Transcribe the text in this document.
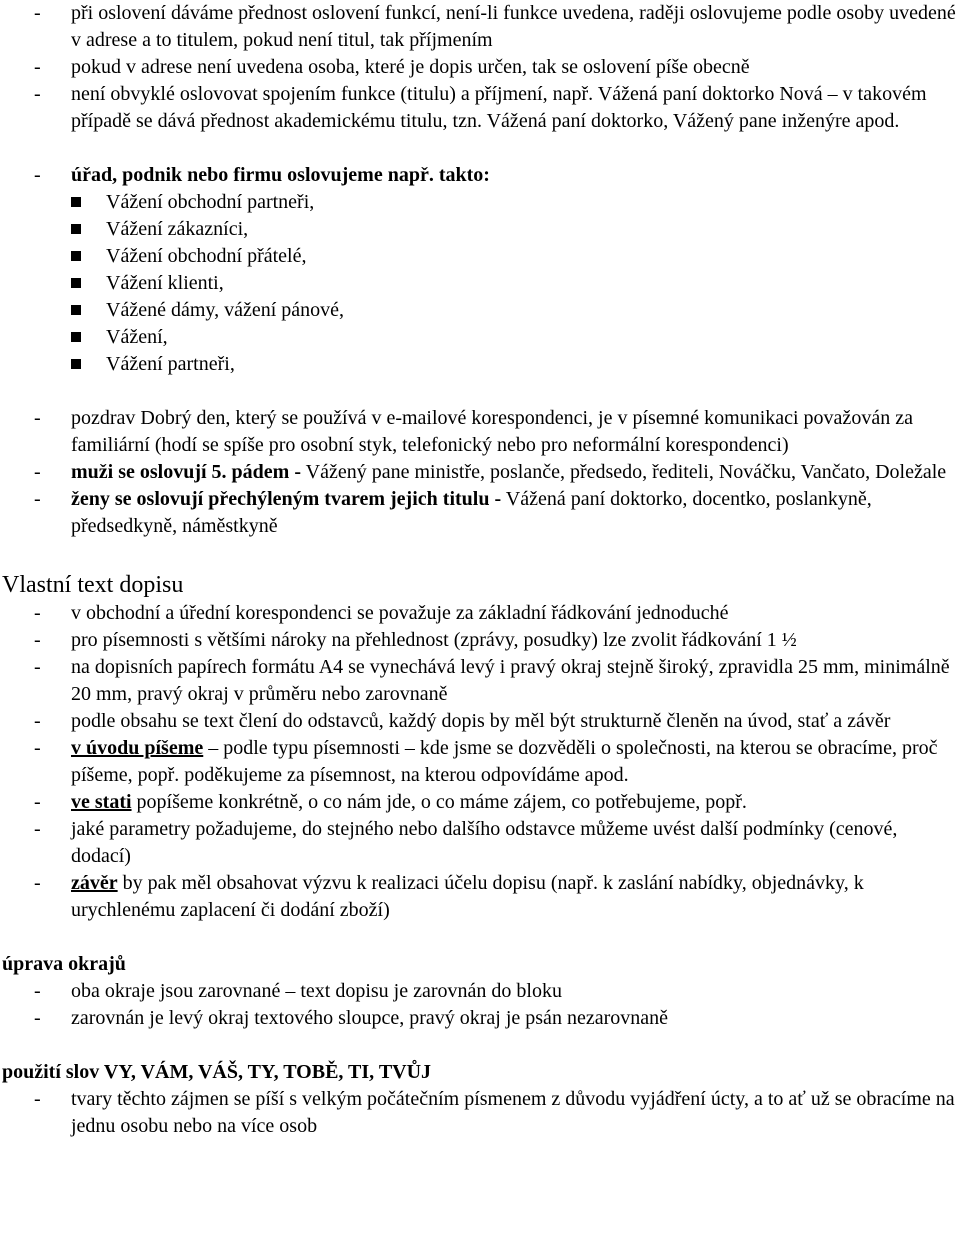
- při oslovení dáváme přednost oslovení funkcí, není-li funkce uvedena, raději oslovujeme podle osoby uvedené v adrese a to titulem, pokud není titul, tak příjmením
- pokud v adrese není uvedena osoba, které je dopis určen, tak se oslovení píše obecně
- není obvyklé oslovovat spojením funkce (titulu) a příjmení, např. Vážená paní doktorko Nová – v takovém případě se dává přednost akademickému titulu, tzn. Vážená paní doktorko, Vážený pane inženýre apod.
- úřad, podnik nebo firmu oslovujeme např. takto:
Vážení obchodní partneři,
Vážení zákazníci,
Vážení obchodní přátelé,
Vážení klienti,
Vážené dámy, vážení pánové,
Vážení,
Vážení partneři,
- pozdrav Dobrý den, který se používá v e-mailové korespondenci, je v písemné komunikaci považován za familiární (hodí se spíše pro osobní styk, telefonický nebo pro neformální korespondenci)
- muži se oslovují 5. pádem - Vážený pane ministře, poslanče, předsedo, řediteli, Nováčku, Vančato, Doležale
- ženy se oslovují přechýleným tvarem jejich titulu - Vážená paní doktorko, docentko, poslankyně, předsedkyně, náměstkyně
Vlastní text dopisu
- v obchodní a úřední korespondenci se považuje za základní řádkování jednoduché
- pro písemnosti s většími nároky na přehlednost (zprávy, posudky) lze zvolit řádkování 1 ½
- na dopisních papírech formátu A4 se vynechává levý i pravý okraj stejně široký, zpravidla 25 mm, minimálně 20 mm, pravý okraj v průměru nebo zarovnaně
- podle obsahu se text člení do odstavců, každý dopis by měl být strukturně členěn na úvod, stať a závěr
- v úvodu píšeme – podle typu písemnosti – kde jsme se dozvěděli o společnosti, na kterou se obracíme, proč píšeme, popř. poděkujeme za písemnost, na kterou odpovídáme apod.
- ve stati popíšeme konkrétně, o co nám jde, o co máme zájem, co potřebujeme, popř.
- jaké parametry požadujeme, do stejného nebo dalšího odstavce můžeme uvést další podmínky (cenové, dodací)
- závěr by pak měl obsahovat výzvu k realizaci účelu dopisu (např. k zaslání nabídky, objednávky, k urychlenému zaplacení či dodání zboží)
úprava okrajů
- oba okraje jsou zarovnané – text dopisu je zarovnán do bloku
- zarovnán je levý okraj textového sloupce, pravý okraj je psán nezarovnaně
použití slov VY, VÁM, VÁŠ, TY, TOBĚ, TI, TVŮJ
- tvary těchto zájmen se píší s velkým počátečním písmenem z důvodu vyjádření úcty, a to ať už se obracíme na jednu osobu nebo na více osob
